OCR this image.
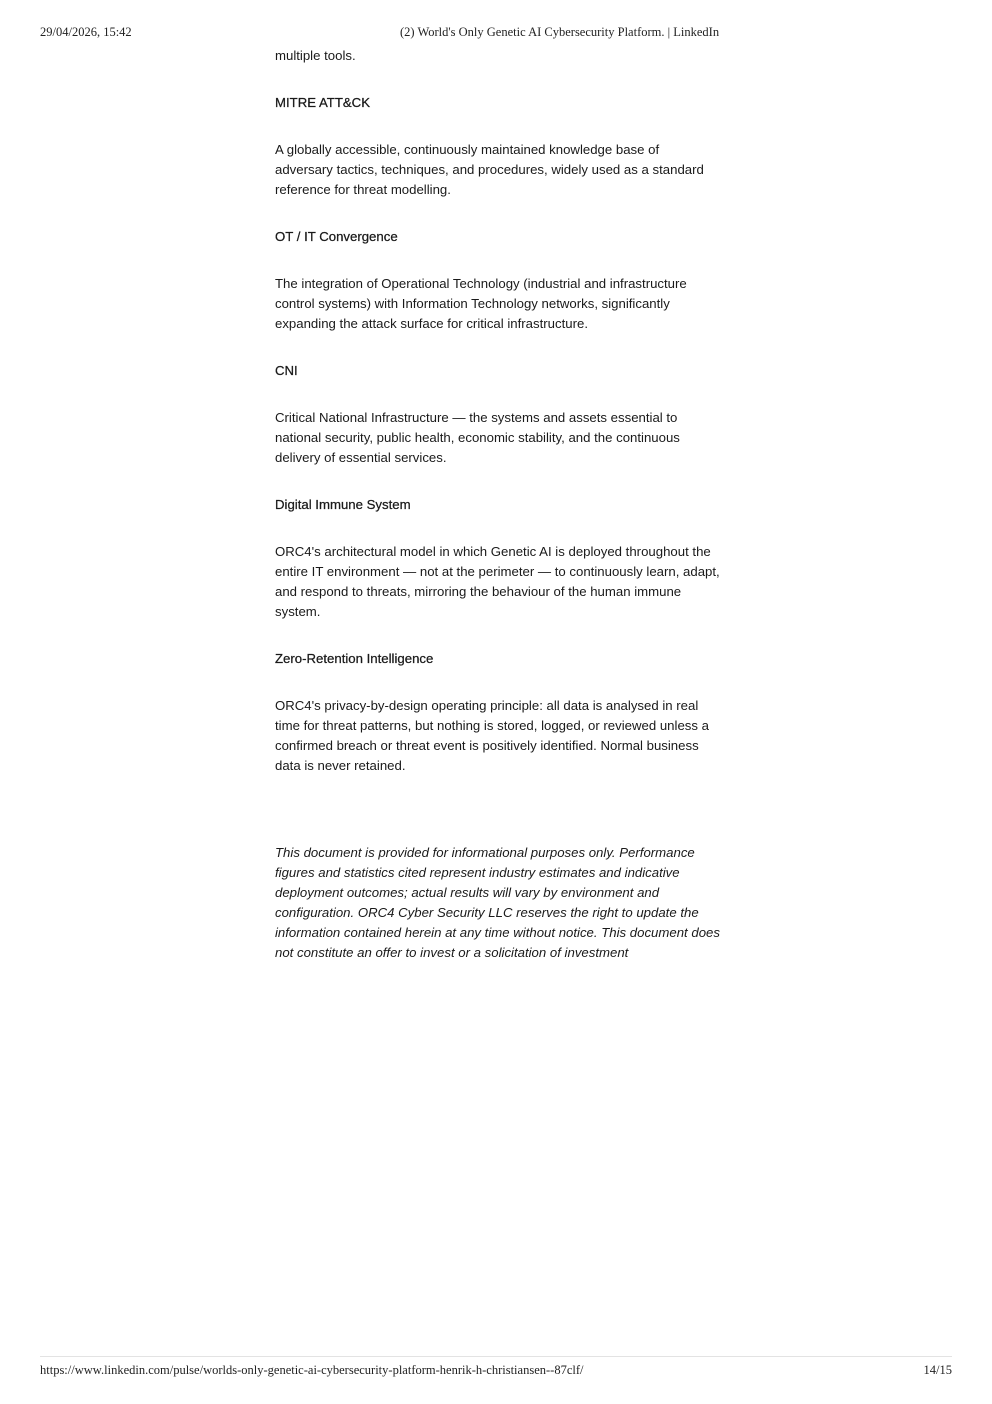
29/04/2026, 15:42	(2) World's Only Genetic AI Cybersecurity Platform. | LinkedIn

multiple tools.

MITRE ATT&CK

A globally accessible, continuously maintained knowledge base of adversary tactics, techniques, and procedures, widely used as a standard reference for threat modelling.

OT / IT Convergence

The integration of Operational Technology (industrial and infrastructure control systems) with Information Technology networks, significantly expanding the attack surface for critical infrastructure.

CNI

Critical National Infrastructure — the systems and assets essential to national security, public health, economic stability, and the continuous delivery of essential services.

Digital Immune System

ORC4's architectural model in which Genetic AI is deployed throughout the entire IT environment — not at the perimeter — to continuously learn, adapt, and respond to threats, mirroring the behaviour of the human immune system.

Zero-Retention Intelligence

ORC4's privacy-by-design operating principle: all data is analysed in real time for threat patterns, but nothing is stored, logged, or reviewed unless a confirmed breach or threat event is positively identified. Normal business data is never retained.

This document is provided for informational purposes only. Performance figures and statistics cited represent industry estimates and indicative deployment outcomes; actual results will vary by environment and configuration. ORC4 Cyber Security LLC reserves the right to update the information contained herein at any time without notice. This document does not constitute an offer to invest or a solicitation of investment

https://www.linkedin.com/pulse/worlds-only-genetic-ai-cybersecurity-platform-henrik-h-christiansen--87clf/	14/15
